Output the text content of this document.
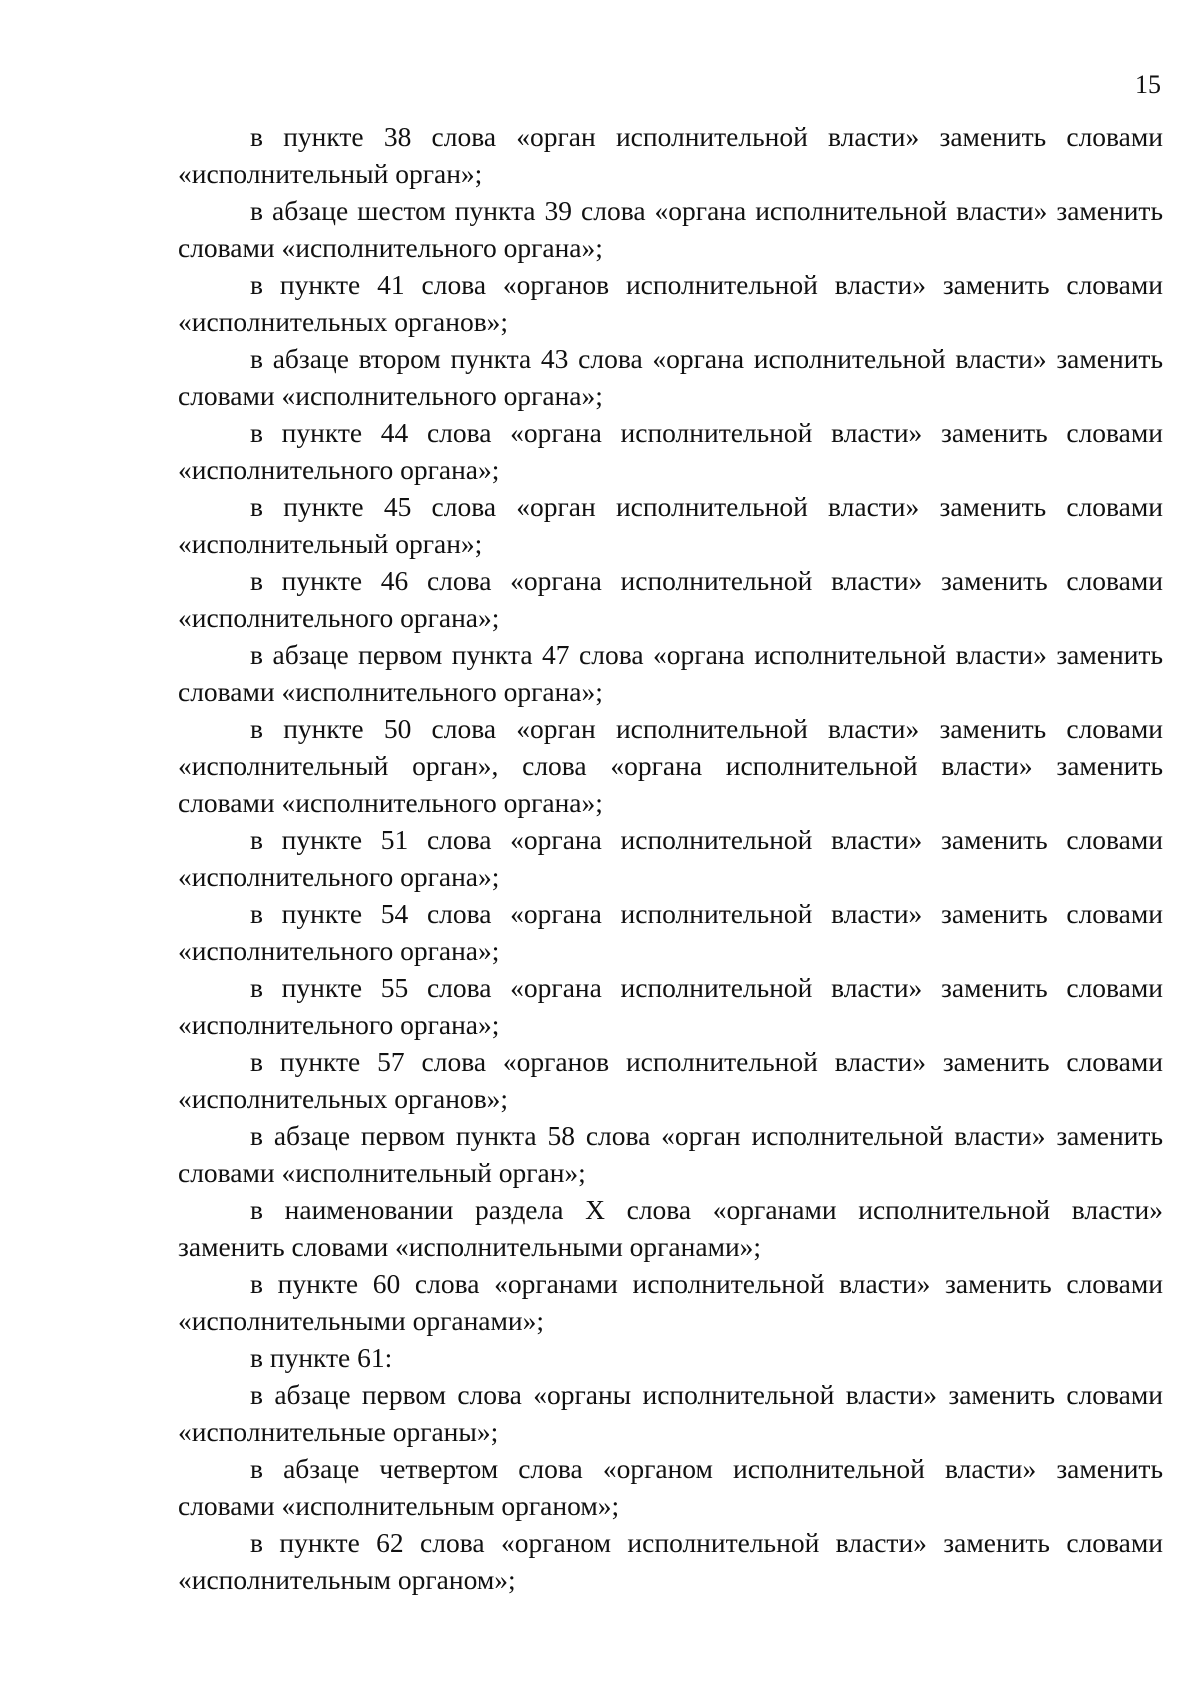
15

в пункте 38 слова «орган исполнительной власти» заменить словами «исполнительный орган»;

в абзаце шестом пункта 39 слова «органа исполнительной власти» заменить словами «исполнительного органа»;

в пункте 41 слова «органов исполнительной власти» заменить словами «исполнительных органов»;

в абзаце втором пункта 43 слова «органа исполнительной власти» заменить словами «исполнительного органа»;

в пункте 44 слова «органа исполнительной власти» заменить словами «исполнительного органа»;

в пункте 45 слова «орган исполнительной власти» заменить словами «исполнительный орган»;

в пункте 46 слова «органа исполнительной власти» заменить словами «исполнительного органа»;

в абзаце первом пункта 47 слова «органа исполнительной власти» заменить словами «исполнительного органа»;

в пункте 50 слова «орган исполнительной власти» заменить словами «исполнительный орган», слова «органа исполнительной власти» заменить словами «исполнительного органа»;

в пункте 51 слова «органа исполнительной власти» заменить словами «исполнительного органа»;

в пункте 54 слова «органа исполнительной власти» заменить словами «исполнительного органа»;

в пункте 55 слова «органа исполнительной власти» заменить словами «исполнительного органа»;

в пункте 57 слова «органов исполнительной власти» заменить словами «исполнительных органов»;

в абзаце первом пункта 58 слова «орган исполнительной власти» заменить словами «исполнительный орган»;

в наименовании раздела X слова «органами исполнительной власти» заменить словами «исполнительными органами»;

в пункте 60 слова «органами исполнительной власти» заменить словами «исполнительными органами»;

в пункте 61:

в абзаце первом слова «органы исполнительной власти» заменить словами «исполнительные органы»;

в абзаце четвертом слова «органом исполнительной власти» заменить словами «исполнительным органом»;

в пункте 62 слова «органом исполнительной власти» заменить словами «исполнительным органом»;
